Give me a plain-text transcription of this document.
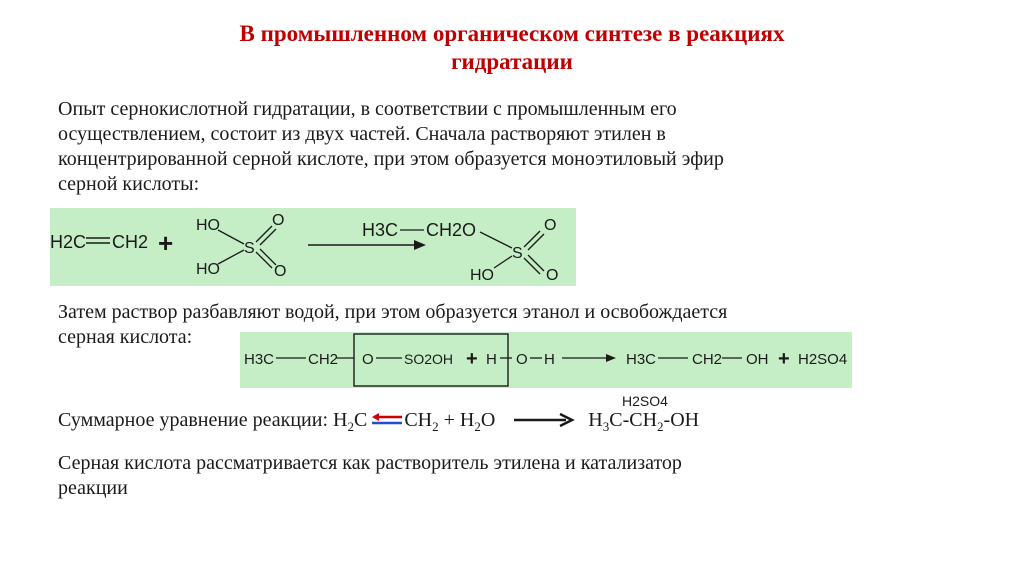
В промышленном органическом синтезе в реакциях
гидратации
Опыт сернокислотной гидратации, в соответствии с промышленным его
осуществлением, состоит из двух частей. Сначала растворяют этилен в
концентрированной серной кислоте, при этом образуется моноэтиловый эфир
серной кислоты:
H2C CH2 +
HO
HO
S
O
O
H3C CH2O
HO
S
O
O
Затем раствор разбавляют водой, при этом образуется этанол и освобождается
серная кислота:
H3C CH2 O SO2OH + H O H	H3C CH2 OH + H2SO4
H2SO4
Суммарное уравнение реакции: $H_2C$ $CH_2 + H_2O \to H_3C-CH_2-OH$
Серная кислота рассматривается как растворитель этилена и катализатор
реакции
